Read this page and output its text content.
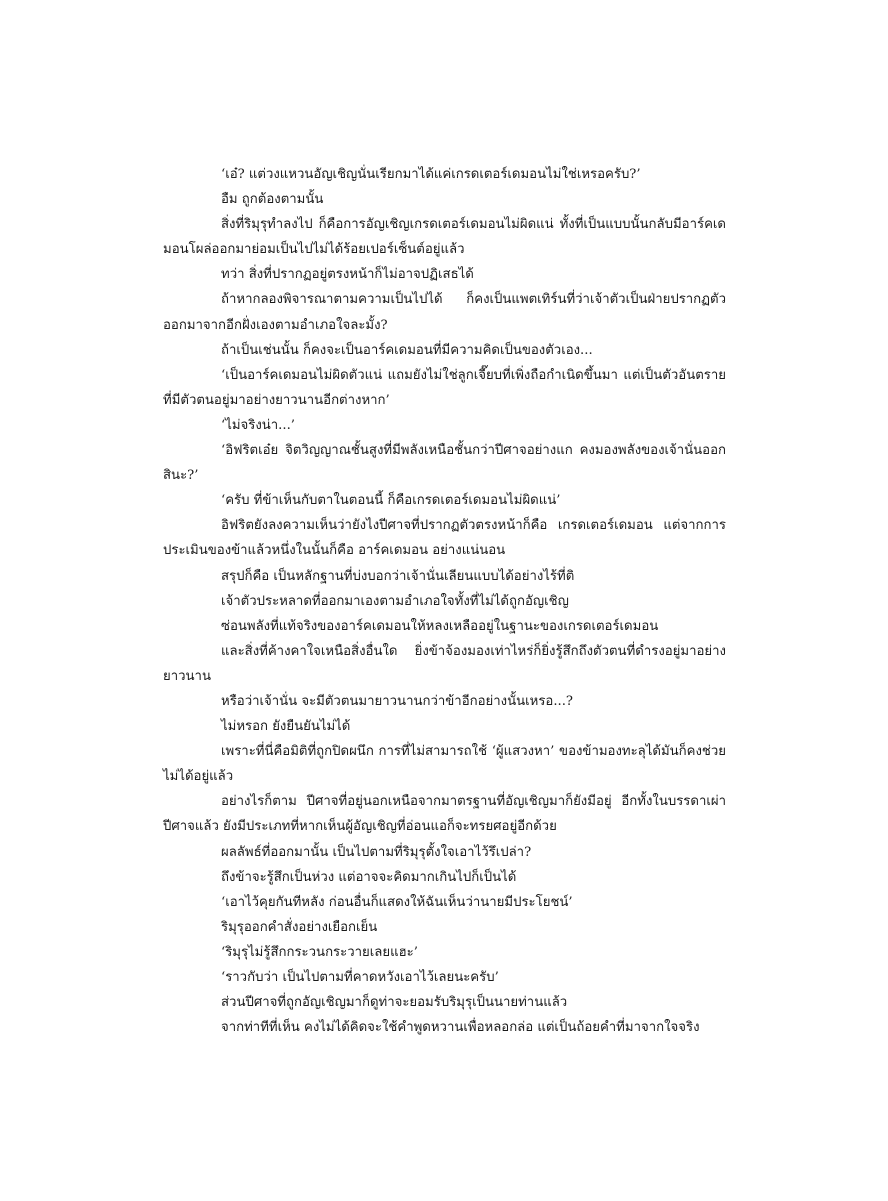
‘เอ๋? แต่วงแหวนอัญเชิญนั่นเรียกมาได้แค่เกรดเตอร์เดมอนไม่ใช่เหรอครับ?’

อืม ถูกต้องตามนั้น

สิ่งที่ริมุรุทำลงไป ก็คือการอัญเชิญเกรดเตอร์เดมอนไม่ผิดแน่ ทั้งที่เป็นแบบนั้นกลับมีอาร์คเดมอนโผล่ออกมาย่อมเป็นไปไม่ได้ร้อยเปอร์เซ็นต์อยู่แล้ว

ทว่า สิ่งที่ปรากฏอยู่ตรงหน้าก็ไม่อาจปฏิเสธได้

ถ้าหากลองพิจารณาตามความเป็นไปได้ ก็คงเป็นแพตเทิร์นที่ว่าเจ้าตัวเป็นฝ่ายปรากฏตัวออกมาจากอีกฝั่งเองตามอำเภอใจละมั้ง?

ถ้าเป็นเช่นนั้น ก็คงจะเป็นอาร์คเดมอนที่มีความคิดเป็นของตัวเอง...

‘เป็นอาร์คเดมอนไม่ผิดตัวแน่ แถมยังไม่ใช่ลูกเจี๊ยบที่เพิ่งถือกำเนิดขึ้นมา แต่เป็นตัวอันตรายที่มีตัวตนอยู่มาอย่างยาวนานอีกต่างหาก’

‘ไม่จริงน่า...’

‘อิฟริตเอ๋ย จิตวิญญาณชั้นสูงที่มีพลังเหนือชั้นกว่าปีศาจอย่างแก คงมองพลังของเจ้านั่นออกสินะ?’

‘ครับ ที่ข้าเห็นกับตาในตอนนี้ ก็คือเกรดเตอร์เดมอนไม่ผิดแน่’

อิฟริตยังลงความเห็นว่ายังไงปีศาจที่ปรากฏตัวตรงหน้าก็คือ เกรดเตอร์เดมอน แต่จากการประเมินของข้าแล้วหนึ่งในนั้นก็คือ อาร์คเดมอน อย่างแน่นอน

สรุปก็คือ เป็นหลักฐานที่บ่งบอกว่าเจ้านั่นเลียนแบบได้อย่างไร้ที่ติ

เจ้าตัวประหลาดที่ออกมาเองตามอำเภอใจทั้งที่ไม่ได้ถูกอัญเชิญ

ซ่อนพลังที่แท้จริงของอาร์คเดมอนให้หลงเหลืออยู่ในฐานะของเกรดเตอร์เดมอน

และสิ่งที่ค้างคาใจเหนือสิ่งอื่นใด ยิ่งข้าจ้องมองเท่าไหร่ก็ยิ่งรู้สึกถึงตัวตนที่ดำรงอยู่มาอย่างยาวนาน

หรือว่าเจ้านั่น จะมีตัวตนมายาวนานกว่าข้าอีกอย่างนั้นเหรอ...?

ไม่หรอก ยังยืนยันไม่ได้

เพราะที่นี่คือมิติที่ถูกปิดผนึก การที่ไม่สามารถใช้ ‘ผู้แสวงหา’ ของข้ามองทะลุได้มันก็คงช่วยไม่ได้อยู่แล้ว

อย่างไรก็ตาม ปีศาจที่อยู่นอกเหนือจากมาตรฐานที่อัญเชิญมาก็ยังมีอยู่ อีกทั้งในบรรดาเผ่าปีศาจแล้ว ยังมีประเภทที่หากเห็นผู้อัญเชิญที่อ่อนแอก็จะทรยศอยู่อีกด้วย

ผลลัพธ์ที่ออกมานั้น เป็นไปตามที่ริมุรุตั้งใจเอาไว้รึเปล่า?

ถึงข้าจะรู้สึกเป็นห่วง แต่อาจจะคิดมากเกินไปก็เป็นได้

‘เอาไว้คุยกันทีหลัง ก่อนอื่นก็แสดงให้ฉันเห็นว่านายมีประโยชน์’

ริมุรุออกคำสั่งอย่างเยือกเย็น

‘ริมุรุไม่รู้สึกกระวนกระวายเลยแฮะ’

‘ราวกับว่า เป็นไปตามที่คาดหวังเอาไว้เลยนะครับ’

ส่วนปีศาจที่ถูกอัญเชิญมาก็ดูท่าจะยอมรับริมุรุเป็นนายท่านแล้ว

จากท่าทีที่เห็น คงไม่ได้คิดจะใช้คำพูดหวานเพื่อหลอกล่อ แต่เป็นถ้อยคำที่มาจากใจจริง
